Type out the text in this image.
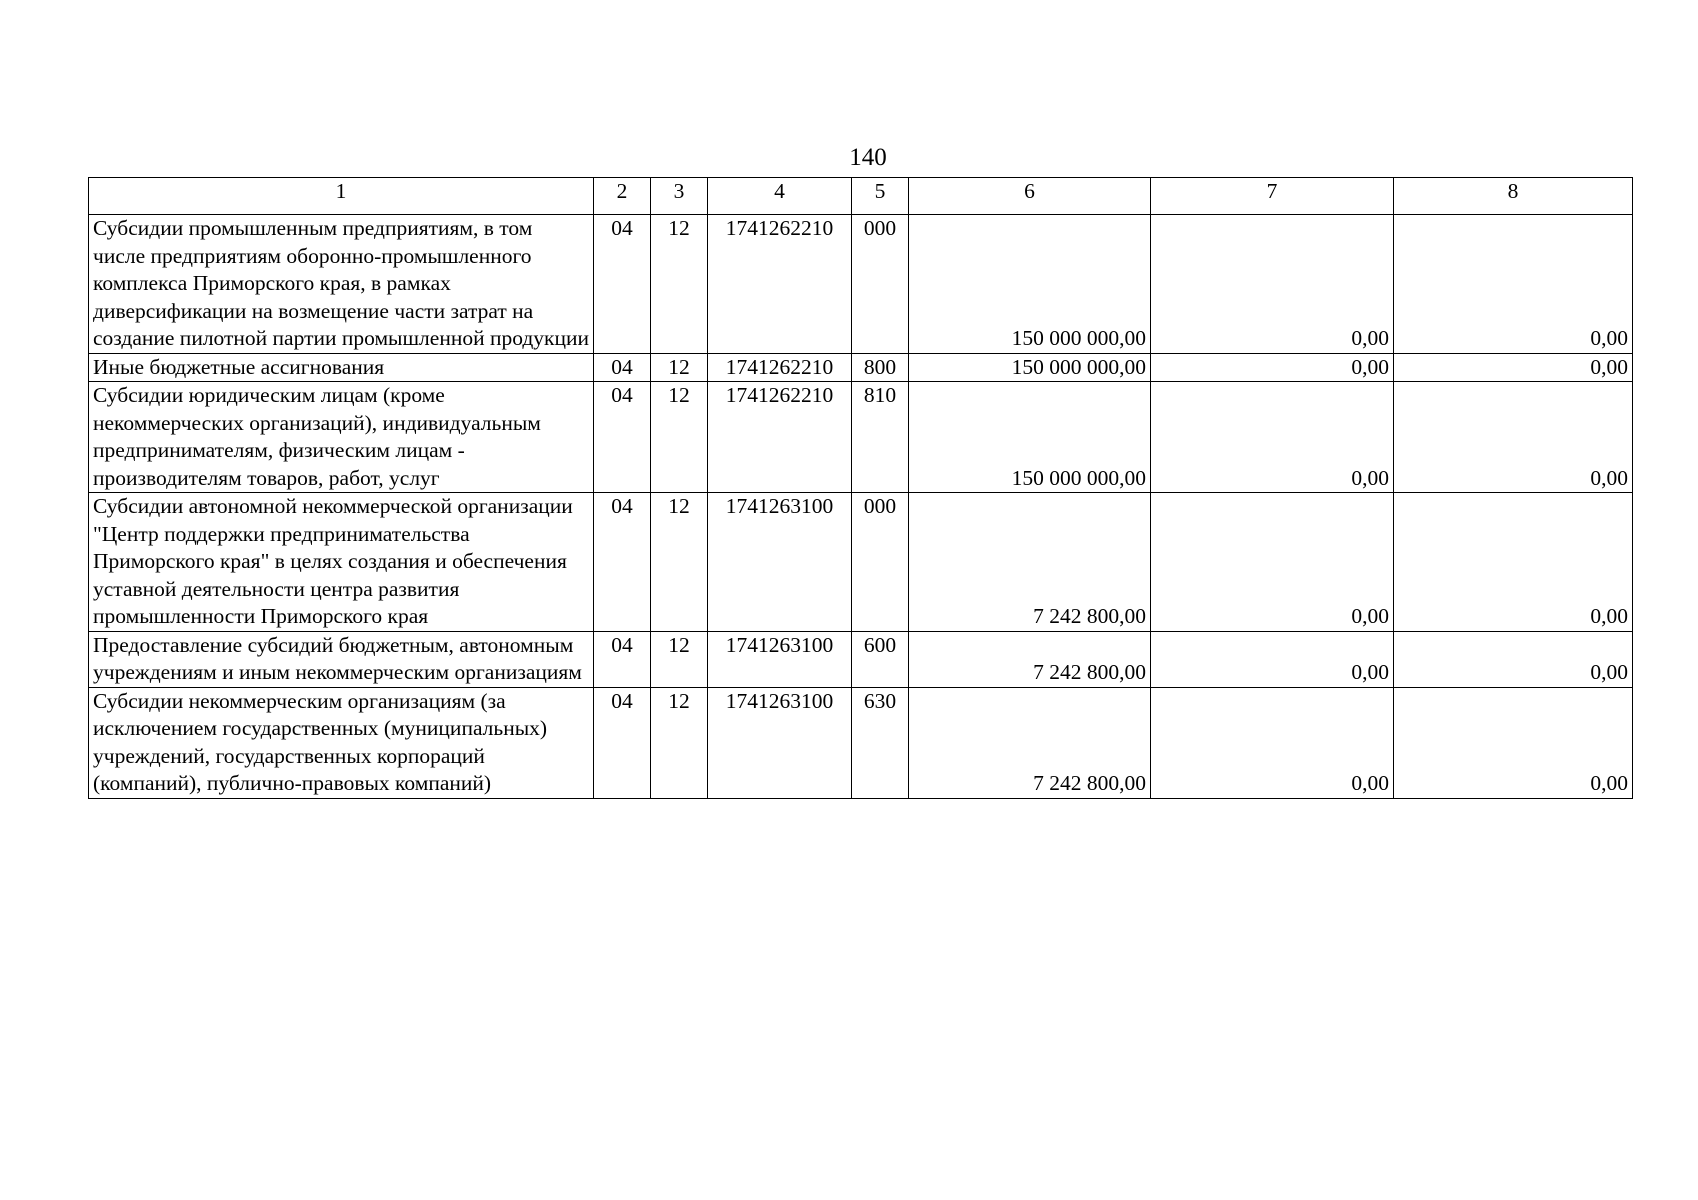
140
1	2	3	4	5	6	7	8
Субсидии промышленным предприятиям, в том числе предприятиям оборонно-промышленного комплекса Приморского края, в рамках диверсификации на возмещение части затрат на создание пилотной партии промышленной продукции	04	12	1741262210	000	150 000 000,00	0,00	0,00
Иные бюджетные ассигнования	04	12	1741262210	800	150 000 000,00	0,00	0,00
Субсидии юридическим лицам (кроме некоммерческих организаций), индивидуальным предпринимателям, физическим лицам - производителям товаров, работ, услуг	04	12	1741262210	810	150 000 000,00	0,00	0,00
Субсидии автономной некоммерческой организации "Центр поддержки предпринимательства Приморского края" в целях создания и обеспечения уставной деятельности центра развития промышленности Приморского края	04	12	1741263100	000	7 242 800,00	0,00	0,00
Предоставление субсидий бюджетным, автономным учреждениям и иным некоммерческим организациям	04	12	1741263100	600	7 242 800,00	0,00	0,00
Субсидии некоммерческим организациям (за исключением государственных (муниципальных) учреждений, государственных корпораций (компаний), публично-правовых компаний)	04	12	1741263100	630	7 242 800,00	0,00	0,00
